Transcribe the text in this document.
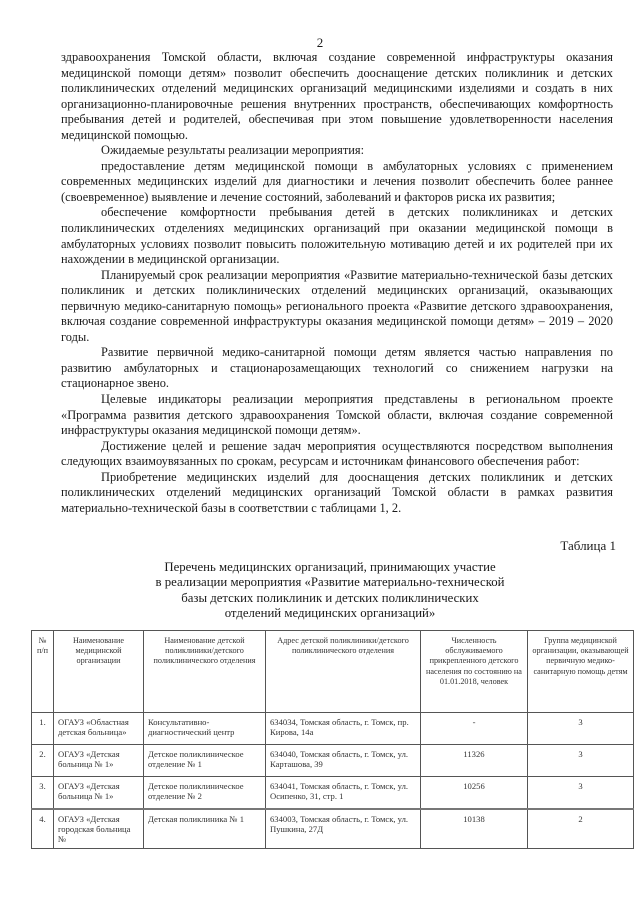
2

здравоохранения Томской области, включая создание современной инфраструктуры оказания медицинской помощи детям» позволит обеспечить дооснащение детских поликлиник и детских поликлинических отделений медицинских организаций медицинскими изделиями и создать в них организационно-планировочные решения внутренних пространств, обеспечивающих комфортность пребывания детей и родителей, обеспечивая при этом повышение удовлетворенности населения медицинской помощью.

Ожидаемые результаты реализации мероприятия:

предоставление детям медицинской помощи в амбулаторных условиях с применением современных медицинских изделий для диагностики и лечения позволит обеспечить более раннее (своевременное) выявление и лечение состояний, заболеваний и факторов риска их развития;

обеспечение комфортности пребывания детей в детских поликлиниках и детских поликлинических отделениях медицинских организаций при оказании медицинской помощи в амбулаторных условиях позволит повысить положительную мотивацию детей и их родителей при их нахождении в медицинской организации.

Планируемый срок реализации мероприятия «Развитие материально-технической базы детских поликлиник и детских поликлинических отделений медицинских организаций, оказывающих первичную медико-санитарную помощь» регионального проекта «Развитие детского здравоохранения, включая создание современной инфраструктуры оказания медицинской помощи детям» – 2019 – 2020 годы.

Развитие первичной медико-санитарной помощи детям является частью направления по развитию амбулаторных и стационарозамещающих технологий со снижением нагрузки на стационарное звено.

Целевые индикаторы реализации мероприятия представлены в региональном проекте «Программа развития детского здравоохранения Томской области, включая создание современной инфраструктуры оказания медицинской помощи детям».

Достижение целей и решение задач мероприятия осуществляются посредством выполнения следующих взаимоувязанных по срокам, ресурсам и источникам финансового обеспечения работ:

Приобретение медицинских изделий для дооснащения детских поликлиник и детских поликлинических отделений медицинских организаций Томской области в рамках развития материально-технической базы в соответствии с таблицами 1, 2.

Таблица 1
Перечень медицинских организаций, принимающих участие
в реализации мероприятия «Развитие материально-технической
базы детских поликлиник и детских поликлинических
отделений медицинских организаций»
№ п/п	Наименование медицинской организации	Наименование детской поликлиники/детского поликлинического отделения	Адрес детской поликлиники/детского поликлинического отделения	Численность обслуживаемого прикрепленного детского населения по состоянию на 01.01.2018, человек	Группа медицинской организации, оказывающей первичную медико-санитарную помощь детям
1.	ОГАУЗ «Областная детская больница»	Консультативно-диагностический центр	634034, Томская область, г. Томск, пр. Кирова, 14а	-	3
2.	ОГАУЗ «Детская больница № 1»	Детское поликлиническое отделение № 1	634040, Томская область, г. Томск, ул. Карташова, 39	11326	3
3.	ОГАУЗ «Детская больница № 1»	Детское поликлиническое отделение № 2	634041, Томская область, г. Томск, ул. Осипенко, 31, стр. 1	10256	3
4.	ОГАУЗ «Детская городская больница №	Детская поликлиника № 1	634003, Томская область, г. Томск, ул. Пушкина, 27Д	10138	2
